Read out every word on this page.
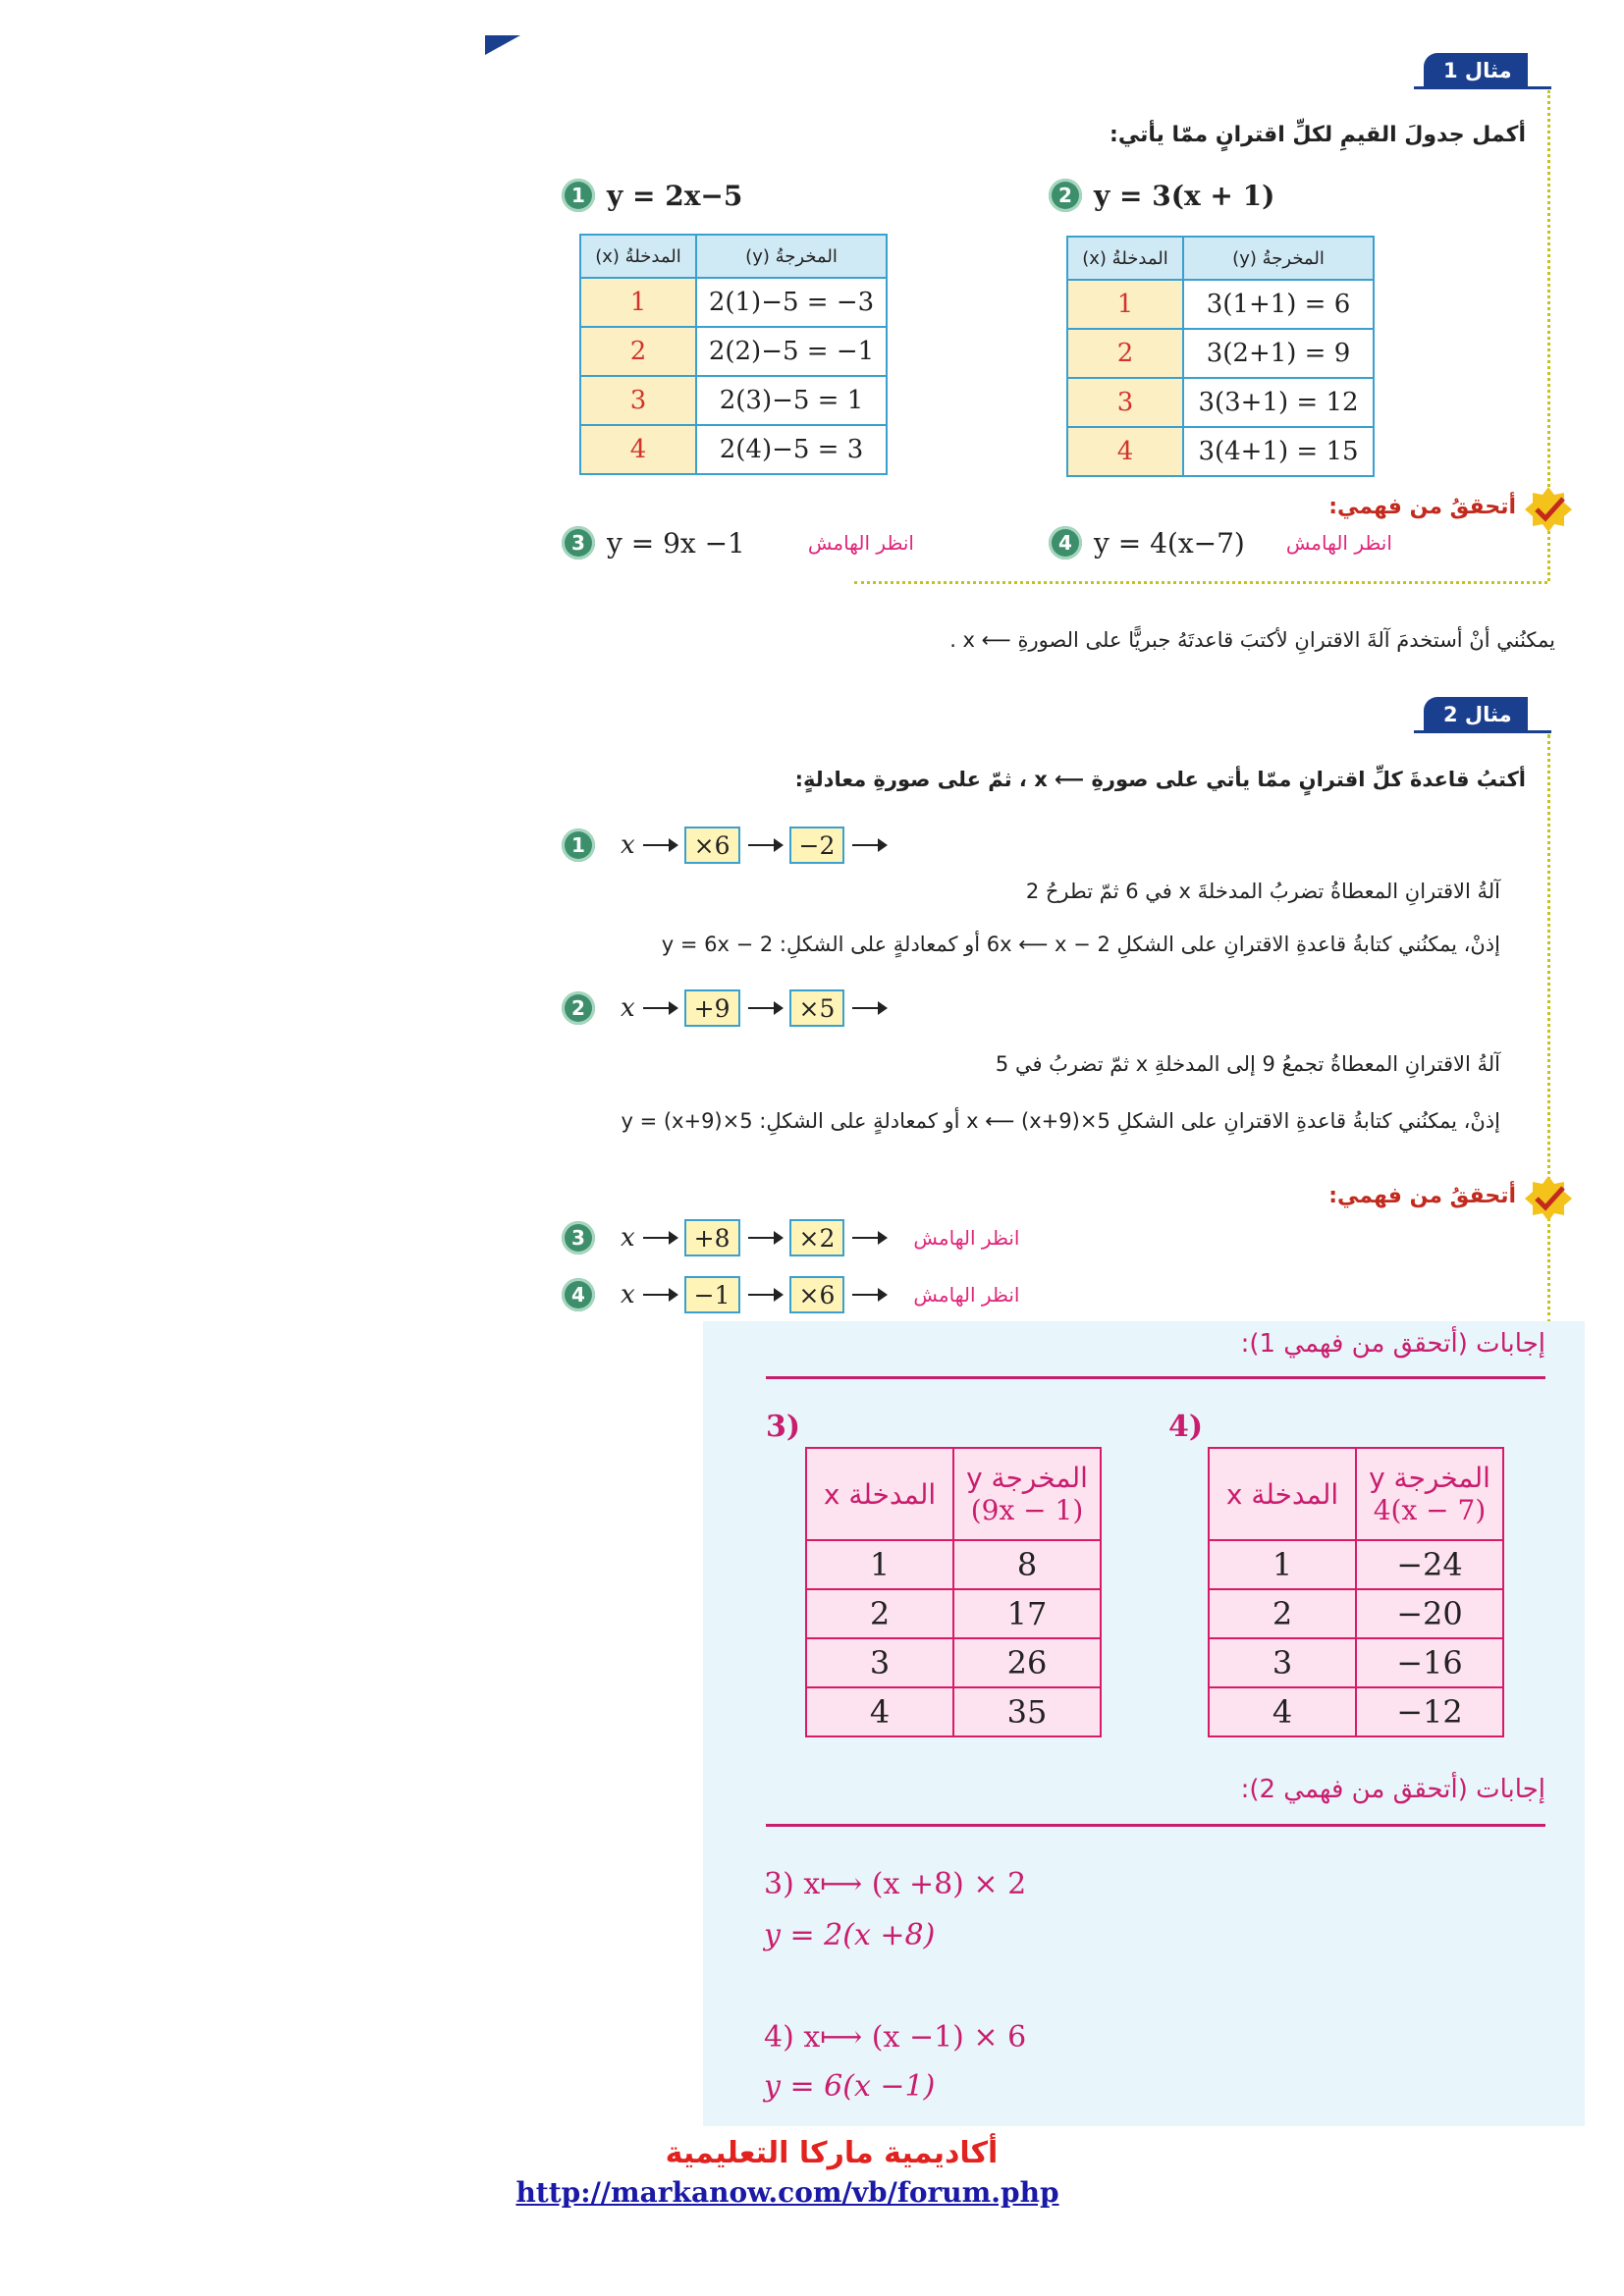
مثال 1
أكمل جدولَ القيمِ لكلِّ اقترانٍ ممّا يأتي:
2 y = 3(x + 1)
المدخلةُ (x)	المخرجةُ (y)
1	3(1+1) = 6
2	3(2+1) = 9
3	3(3+1) = 12
4	3(4+1) = 15
1 y = 2x−5
المدخلةُ (x)	المخرجةُ (y)
1	2(1)−5 = −3
2	2(2)−5 = −1
3	2(3)−5 = 1
4	2(4)−5 = 3
أتحققُ من فهمي:
4 y = 4(x−7) انظر الهامش
3 y = 9x −1	انظر الهامش
يمكنُني أنْ أستخدمَ آلةَ الاقترانِ لأكتبَ قاعدتَهُ جبريًّا على الصورةِ ⟵ x .
مثال 2
أكتبُ قاعدةَ كلِّ اقترانٍ ممّا يأتي على صورةِ ⟵ x ، ثمّ على صورةِ معادلةٍ:
1	x	×6	−2
آلةُ الاقترانِ المعطاةُ تضربُ المدخلةَ x في 6 ثمّ تطرحُ 2
إذنْ، يمكنُني كتابةُ قاعدةِ الاقترانِ على الشكلِ 2 − 6x ⟵ x أو كمعادلةٍ على الشكلِ: y = 6x − 2
2	x	+9	×5
آلةُ الاقترانِ المعطاةُ تجمعُ 9 إلى المدخلةِ x ثمّ تضربُ في 5
إذنْ، يمكنُني كتابةُ قاعدةِ الاقترانِ على الشكلِ 5×(x+9) ⟵ x أو كمعادلةٍ على الشكلِ: y = (x+9)×5
أتحققُ من فهمي:
3	x	+8	×2	انظر الهامش
4	x	−1	×6	انظر الهامش
إجابات (أتحقق من فهمي 1):
3)
المدخلة x	المخرجة y
(9x − 1)

1	8
2	17
3	26
4	35
4)
المدخلة x	المخرجة y
4(x − 7)

1	−24
2	−20
3	−16
4	−12
إجابات (أتحقق من فهمي 2):
3) x⟼ (x +8) × 2
y = 2(x +8)
4) x⟼ (x −1) × 6
y = 6(x −1)
أكاديمية ماركا التعليمية
http://markanow.com/vb/forum.php
